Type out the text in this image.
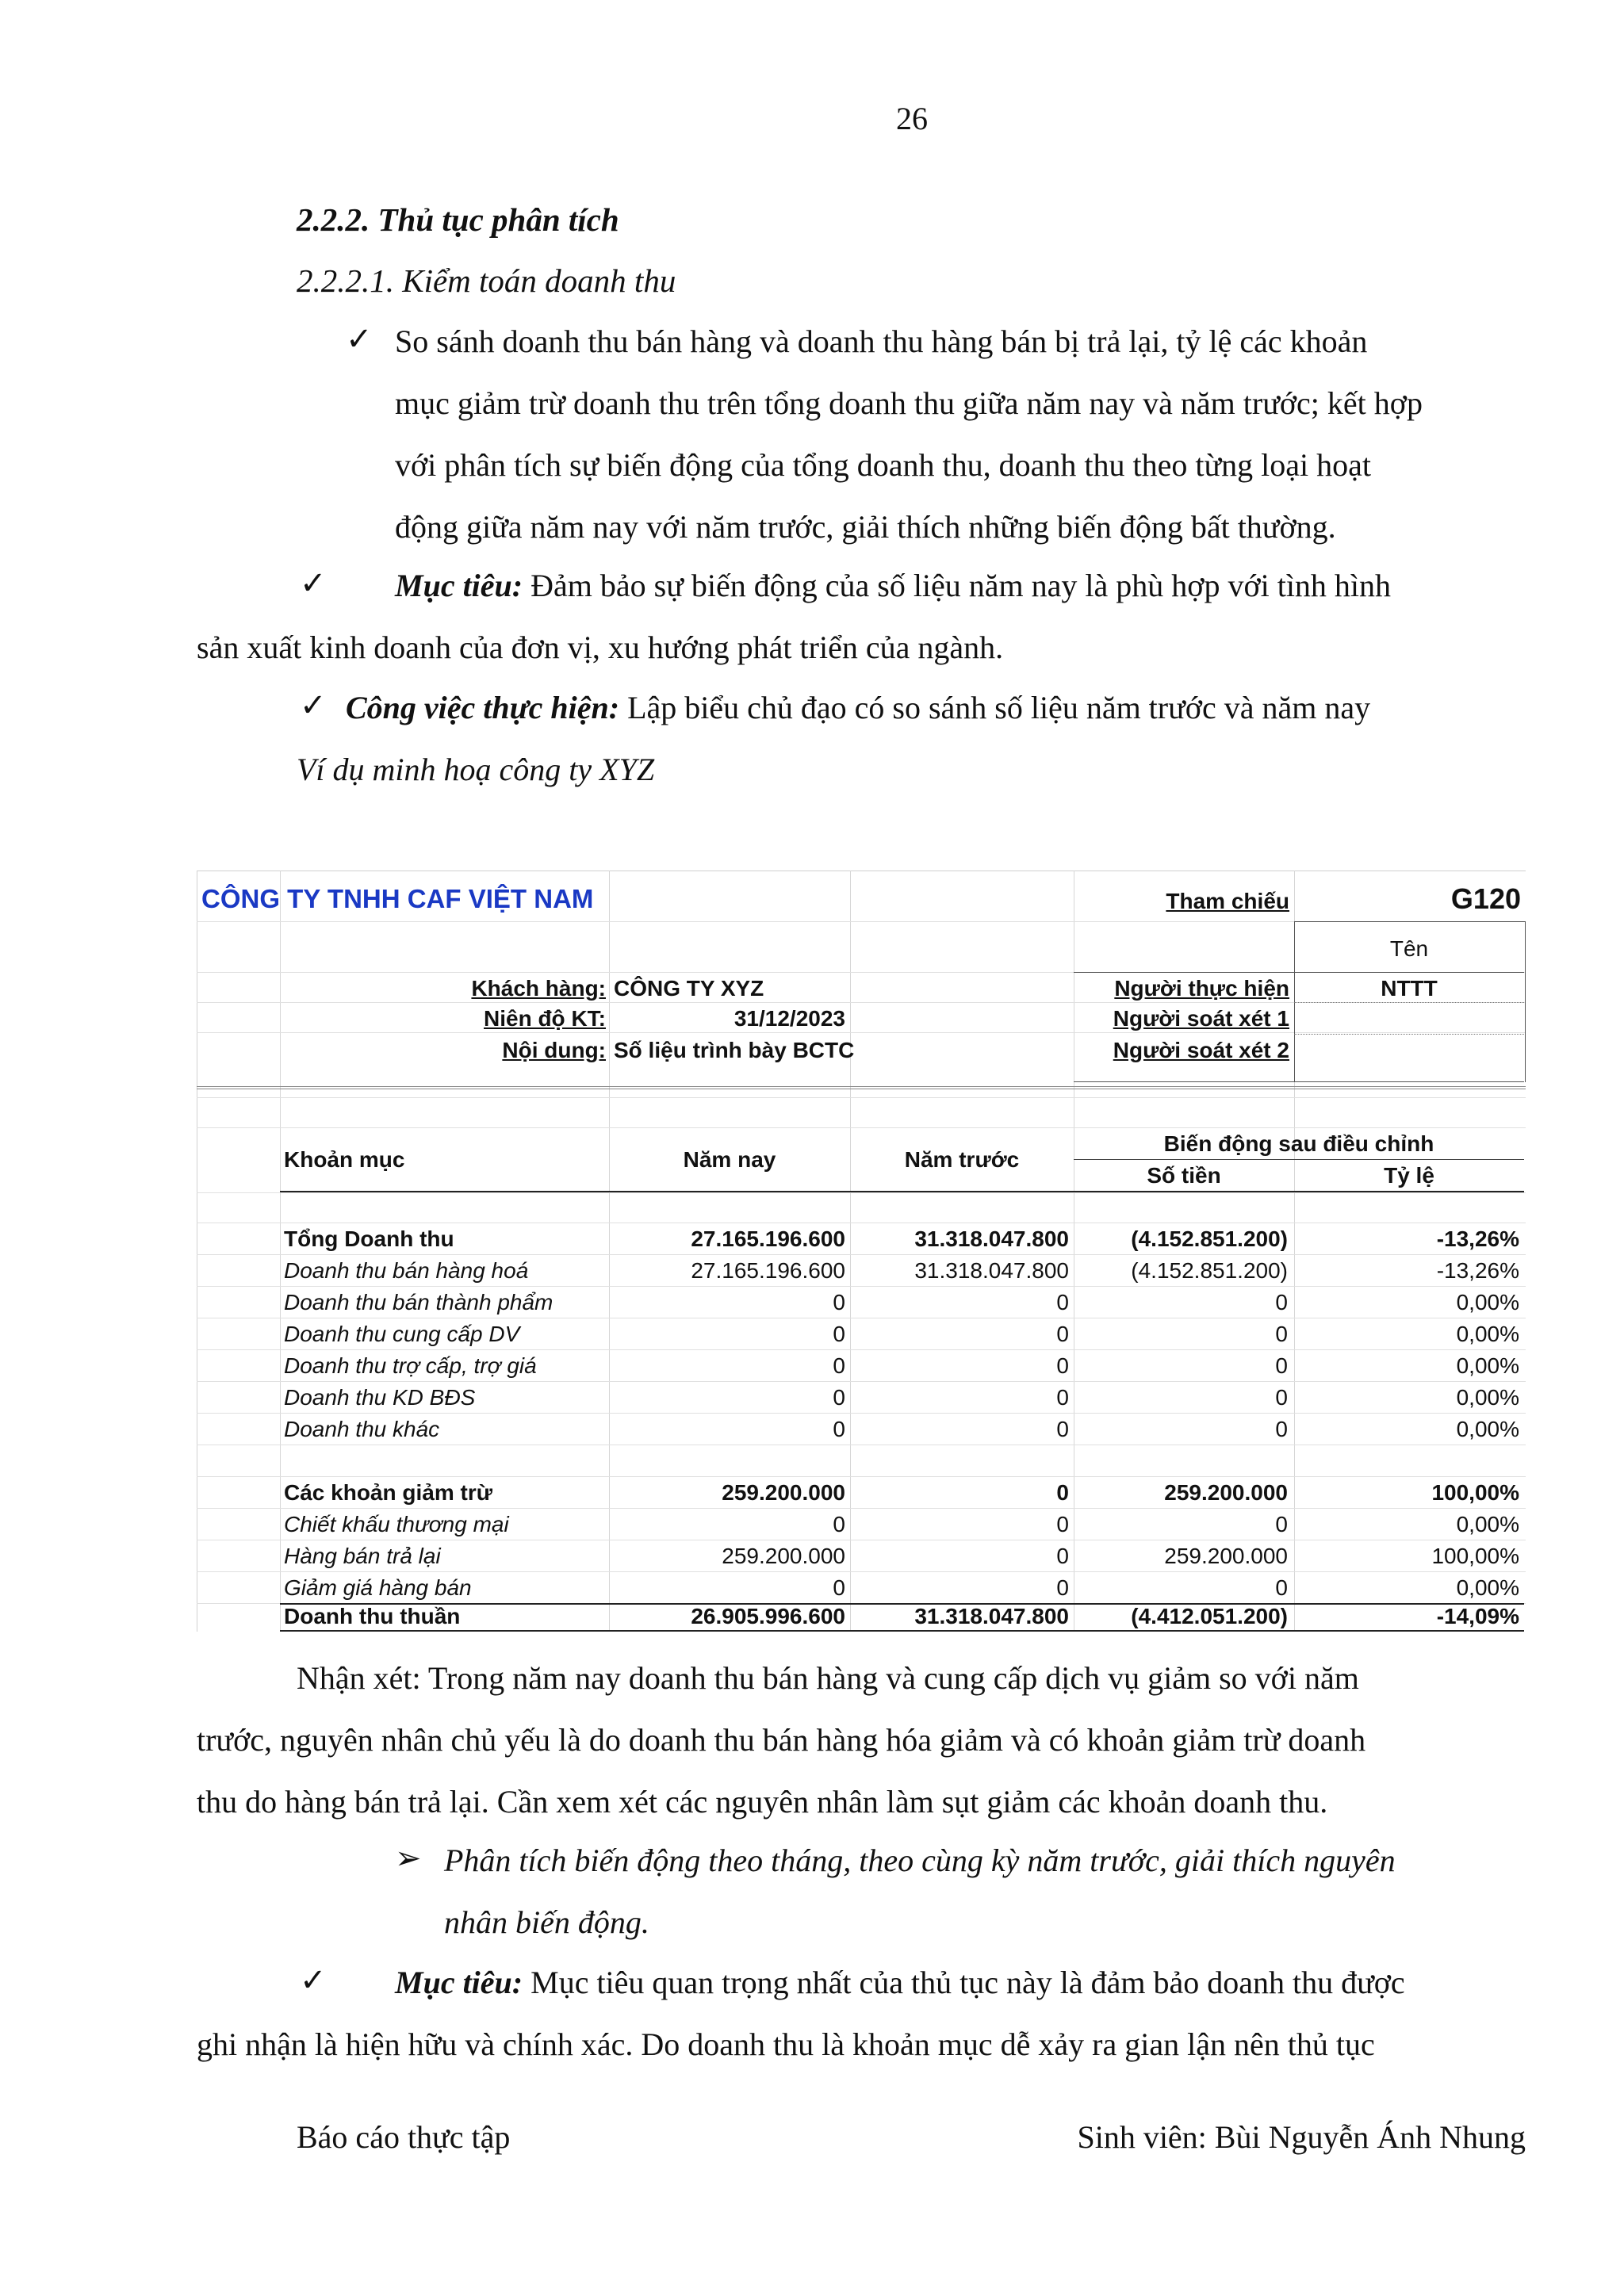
26
2.2.2. Thủ tục phân tích
2.2.2.1. Kiểm toán doanh thu
✓ So sánh doanh thu bán hàng và doanh thu hàng bán bị trả lại, tỷ lệ các khoản
mục giảm trừ doanh thu trên tổng doanh thu giữa năm nay và năm trước; kết hợp
với phân tích sự biến động của tổng doanh thu, doanh thu theo từng loại hoạt
động giữa năm nay với năm trước, giải thích những biến động bất thường.
✓ Mục tiêu: Đảm bảo sự biến động của số liệu năm nay là phù hợp với tình hình
sản xuất kinh doanh của đơn vị, xu hướng phát triển của ngành.
✓ Công việc thực hiện: Lập biểu chủ đạo có so sánh số liệu năm trước và năm nay
Ví dụ minh hoạ công ty XYZ
CÔNG TY TNHH CAF VIỆT NAM	Tham chiếu	G120
Tên
Khách hàng: CÔNG TY XYZ	Người thực hiện	NTTT
Niên độ KT:	31/12/2023	Người soát xét 1
Nội dung: Số liệu trình bày BCTC	Người soát xét 2
Khoản mục	Năm nay	Năm trước
Biến động sau điều chỉnh
Số tiền	Tỷ lệ
Tổng Doanh thu	27.165.196.600	31.318.047.800	(4.152.851.200)	-13,26%
Doanh thu bán hàng hoá	27.165.196.600	31.318.047.800	(4.152.851.200)	-13,26%
Doanh thu bán thành phẩm	0	0	0	0,00%
Doanh thu cung cấp DV	0	0	0	0,00%
Doanh thu trợ cấp, trợ giá	0	0	0	0,00%
Doanh thu KD BĐS	0	0	0	0,00%
Doanh thu khác	0	0	0	0,00%
Các khoản giảm trừ	259.200.000	0	259.200.000	100,00%
Chiết khấu thương mại	0	0	0	0,00%
Hàng bán trả lại	259.200.000	0	259.200.000	100,00%
Giảm giá hàng bán	0	0	0	0,00%
Doanh thu thuần	26.905.996.600	31.318.047.800	(4.412.051.200)	-14,09%
Nhận xét: Trong năm nay doanh thu bán hàng và cung cấp dịch vụ giảm so với năm
trước, nguyên nhân chủ yếu là do doanh thu bán hàng hóa giảm và có khoản giảm trừ doanh
thu do hàng bán trả lại. Cần xem xét các nguyên nhân làm sụt giảm các khoản doanh thu.
➢ Phân tích biến động theo tháng, theo cùng kỳ năm trước, giải thích nguyên
nhân biến động.
✓ Mục tiêu: Mục tiêu quan trọng nhất của thủ tục này là đảm bảo doanh thu được
ghi nhận là hiện hữu và chính xác. Do doanh thu là khoản mục dễ xảy ra gian lận nên thủ tục
Báo cáo thực tập	Sinh viên: Bùi Nguyễn Ánh Nhung
